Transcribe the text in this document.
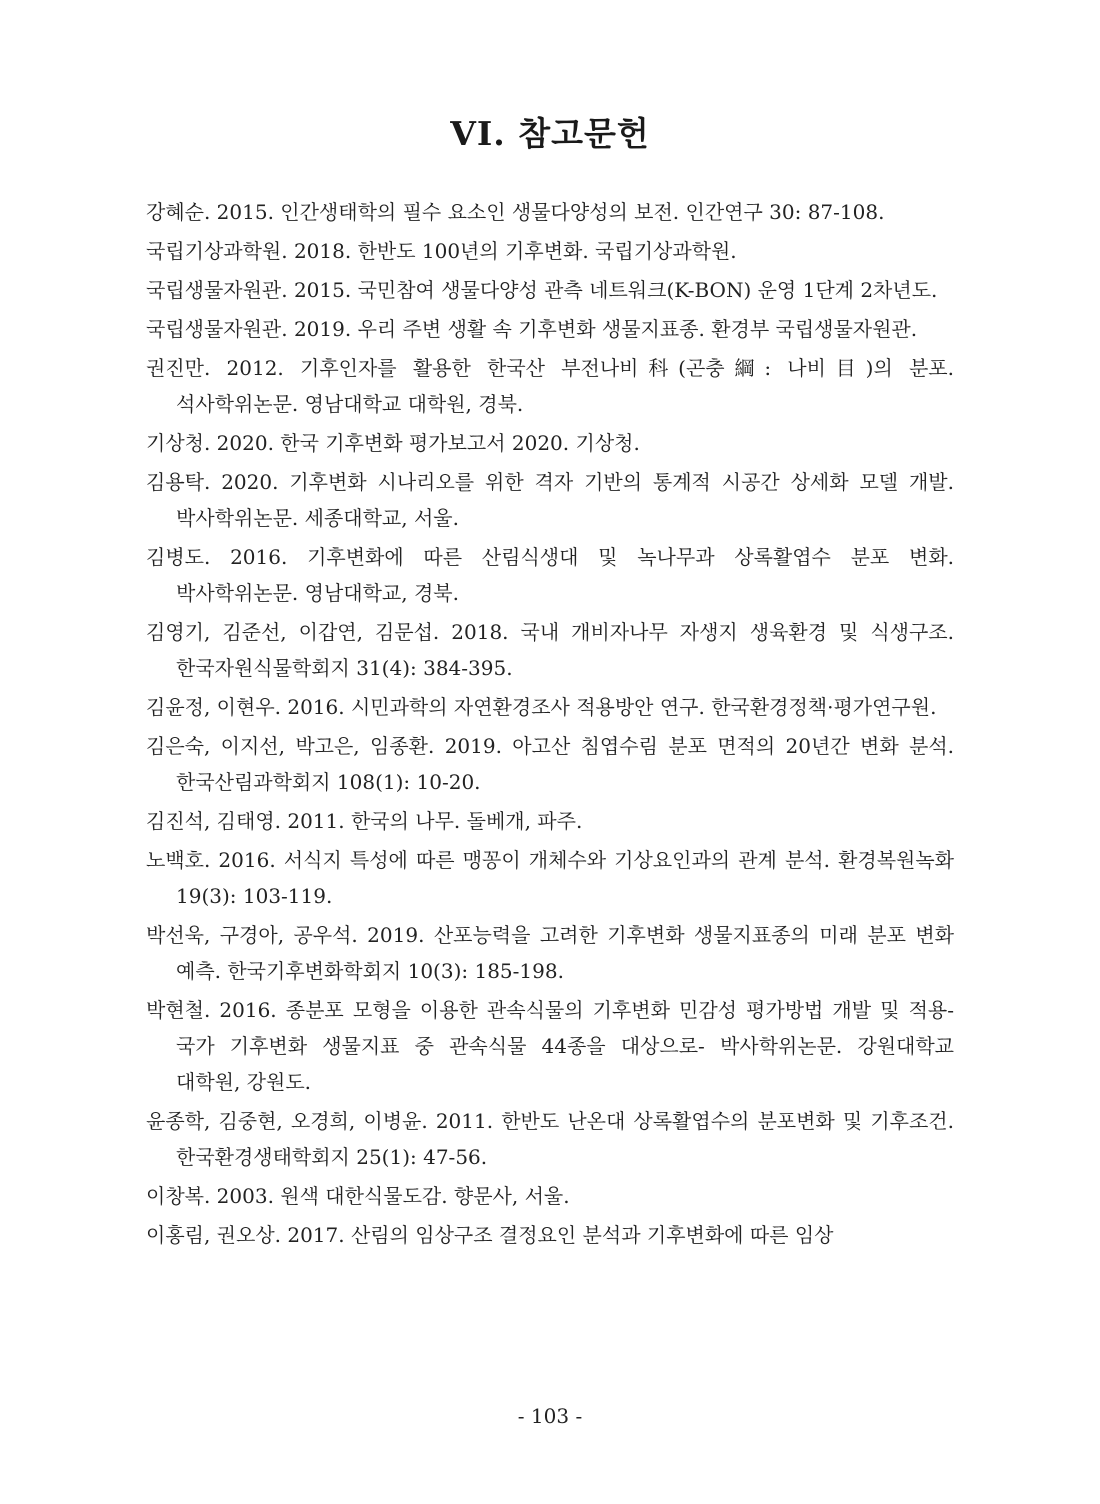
VI. 참고문헌
강혜순. 2015. 인간생태학의 필수 요소인 생물다양성의 보전. 인간연구 30: 87-108.
국립기상과학원. 2018. 한반도 100년의 기후변화. 국립기상과학원.
국립생물자원관. 2015. 국민참여 생물다양성 관측 네트워크(K-BON) 운영 1단계 2차년도.
국립생물자원관. 2019. 우리 주변 생활 속 기후변화 생물지표종. 환경부 국립생물자원관.
권진만. 2012. 기후인자를 활용한 한국산 부전나비科(곤충綱: 나비目)의 분포. 석사학위논문. 영남대학교 대학원, 경북.
기상청. 2020. 한국 기후변화 평가보고서 2020. 기상청.
김용탁. 2020. 기후변화 시나리오를 위한 격자 기반의 통계적 시공간 상세화 모델 개발. 박사학위논문. 세종대학교, 서울.
김병도. 2016. 기후변화에 따른 산림식생대 및 녹나무과 상록활엽수 분포 변화. 박사학위논문. 영남대학교, 경북.
김영기, 김준선, 이갑연, 김문섭. 2018. 국내 개비자나무 자생지 생육환경 및 식생구조. 한국자원식물학회지 31(4): 384-395.
김윤정, 이현우. 2016. 시민과학의 자연환경조사 적용방안 연구. 한국환경정책·평가연구원.
김은숙, 이지선, 박고은, 임종환. 2019. 아고산 침엽수림 분포 면적의 20년간 변화 분석. 한국산림과학회지 108(1): 10-20.
김진석, 김태영. 2011. 한국의 나무. 돌베개, 파주.
노백호. 2016. 서식지 특성에 따른 맹꽁이 개체수와 기상요인과의 관계 분석. 환경복원녹화 19(3): 103-119.
박선욱, 구경아, 공우석. 2019. 산포능력을 고려한 기후변화 생물지표종의 미래 분포 변화 예측. 한국기후변화학회지 10(3): 185-198.
박현철. 2016. 종분포 모형을 이용한 관속식물의 기후변화 민감성 평가방법 개발 및 적용-국가 기후변화 생물지표 중 관속식물 44종을 대상으로- 박사학위논문. 강원대학교 대학원, 강원도.
윤종학, 김중현, 오경희, 이병윤. 2011. 한반도 난온대 상록활엽수의 분포변화 및 기후조건. 한국환경생태학회지 25(1): 47-56.
이창복. 2003. 원색 대한식물도감. 향문사, 서울.
이홍림, 권오상. 2017. 산림의 임상구조 결정요인 분석과 기후변화에 따른 임상
- 103 -
